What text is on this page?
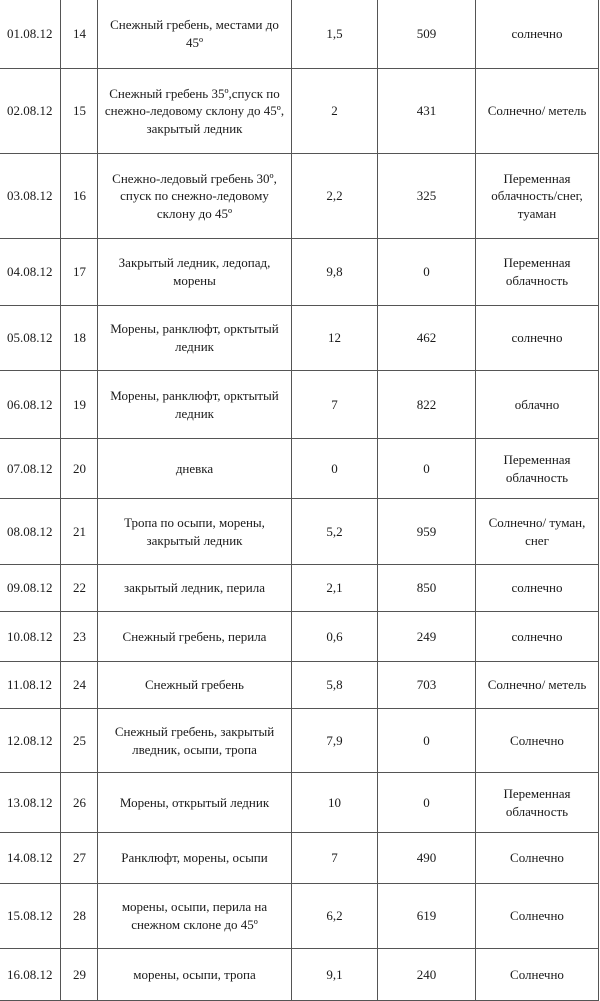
01.08.12	14	Снежный гребень, местами до 45º	1,5	509	солнечно
02.08.12	15	Снежный гребень 35º,спуск по снежно-ледовому склону до 45º, закрытый ледник	2	431	Солнечно/ метель
03.08.12	16	Снежно-ледовый гребень 30º, спуск по снежно-ледовому склону до 45º	2,2	325	Переменная облачность/снег, туаман
04.08.12	17	Закрытый ледник, ледопад, морены	9,8	0	Переменная облачность
05.08.12	18	Морены, ранклюфт, орктытый ледник	12	462	солнечно
06.08.12	19	Морены, ранклюфт, орктытый ледник	7	822	облачно
07.08.12	20	дневка	0	0	Переменная облачность
08.08.12	21	Тропа по осыпи, морены, закрытый ледник	5,2	959	Солнечно/ туман, снег
09.08.12	22	закрытый ледник, перила	2,1	850	солнечно
10.08.12	23	Снежный гребень, перила	0,6	249	солнечно
11.08.12	24	Снежный гребень	5,8	703	Солнечно/ метель
12.08.12	25	Снежный гребень, закрытый лведник, осыпи, тропа	7,9	0	Солнечно
13.08.12	26	Морены, открытый ледник	10	0	Переменная облачность
14.08.12	27	Ранклюфт, морены, осыпи	7	490	Солнечно
15.08.12	28	морены, осыпи, перила на снежном склоне до 45º	6,2	619	Солнечно
16.08.12	29	морены, осыпи, тропа	9,1	240	Солнечно
